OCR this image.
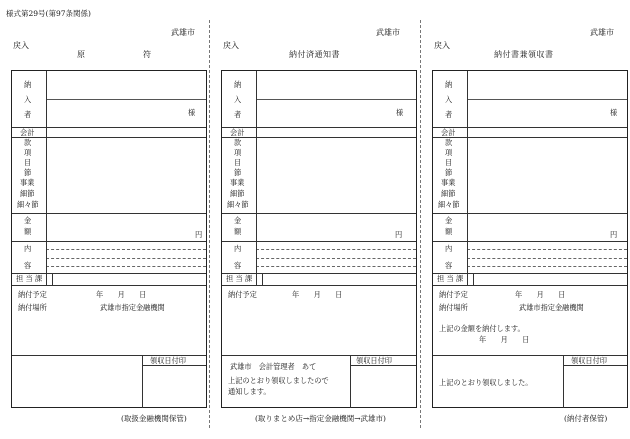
様式第29号(第97条関係)
武雄市
戻入
原　　符
納
入
者	様
会計
款
項
目
節
事業
細節
細々節
金
額	円
内
容
担 当 課
納付予定	年　　月　　日
納付場所	武雄市指定金融機関
領収日付印
(取扱金融機関保管)
武雄市
戻入
納付済通知書
納
入
者	様
会計
款
項
目
節
事業
細節
細々節
金
額	円
内
容
担 当 課
納付予定	年　　月　　日
武雄市　会計管理者　あて
上記のとおり領収しましたので
通知します。
領収日付印
(取りまとめ店→指定金融機関→武雄市)
武雄市
戻入
納付書兼領収書
納
入
者	様
会計
款
項
目
節
事業
細節
細々節
金
額	円
内
容
担 当 課
納付予定	年　　月　　日
納付場所	武雄市指定金融機関
上記の金額を納付します。
年　　月　　日
上記のとおり領収しました。
領収日付印
(納付者保管)
